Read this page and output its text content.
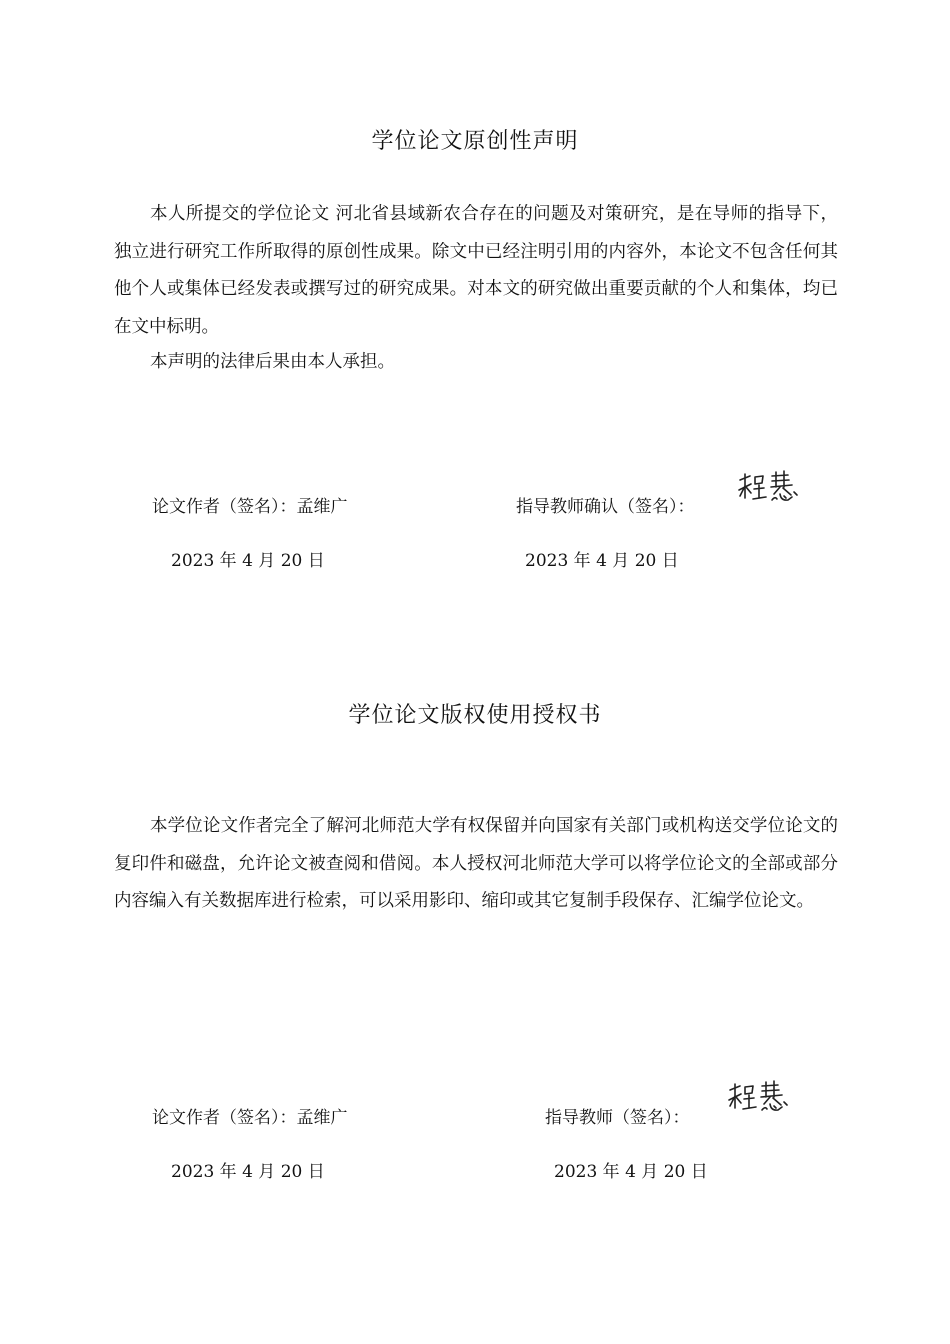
学位论文原创性声明

本人所提交的学位论文 河北省县域新农合存在的问题及对策研究，是在导师的指导下，独立进行研究工作所取得的原创性成果。除文中已经注明引用的内容外，本论文不包含任何其他个人或集体已经发表或撰写过的研究成果。对本文的研究做出重要贡献的个人和集体，均已在文中标明。

本声明的法律后果由本人承担。

论文作者（签名）：孟维广	指导教师确认（签名）：
2023 年 4 月 20 日	2023 年 4 月 20 日
学位论文版权使用授权书

本学位论文作者完全了解河北师范大学有权保留并向国家有关部门或机构送交学位论文的复印件和磁盘，允许论文被查阅和借阅。本人授权河北师范大学可以将学位论文的全部或部分内容编入有关数据库进行检索，可以采用影印、缩印或其它复制手段保存、汇编学位论文。

论文作者（签名）：孟维广	指导教师（签名）：
2023 年 4 月 20 日	2023 年 4 月 20 日
